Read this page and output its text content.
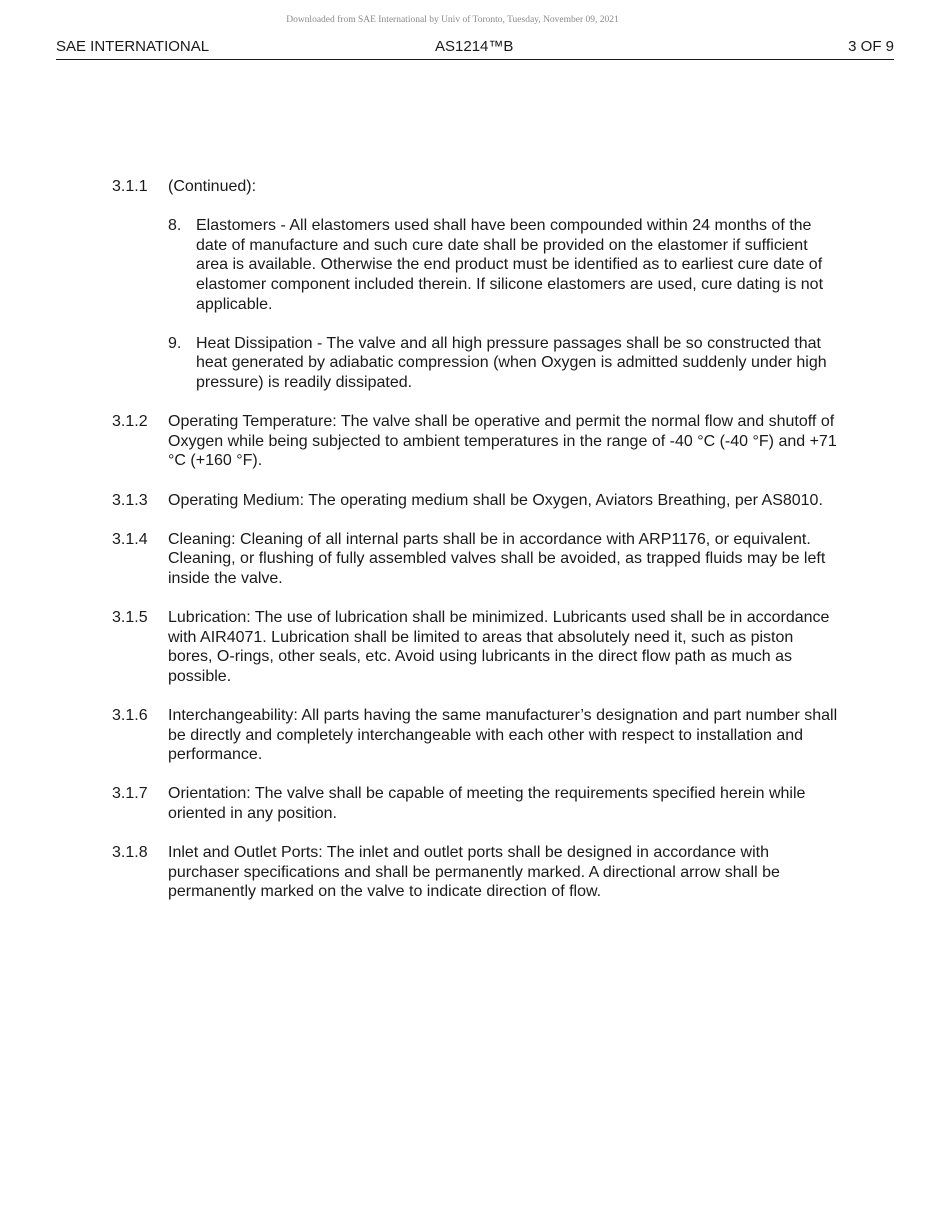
Downloaded from SAE International by Univ of Toronto, Tuesday, November 09, 2021
SAE INTERNATIONAL	AS1214™B	3 OF 9
3.1.1 (Continued):
8. Elastomers - All elastomers used shall have been compounded within 24 months of the date of manufacture and such cure date shall be provided on the elastomer if sufficient area is available. Otherwise the end product must be identified as to earliest cure date of elastomer component included therein. If silicone elastomers are used, cure dating is not applicable.
9. Heat Dissipation - The valve and all high pressure passages shall be so constructed that heat generated by adiabatic compression (when Oxygen is admitted suddenly under high pressure) is readily dissipated.
3.1.2 Operating Temperature: The valve shall be operative and permit the normal flow and shutoff of Oxygen while being subjected to ambient temperatures in the range of -40 °C (-40 °F) and +71 °C (+160 °F).
3.1.3 Operating Medium: The operating medium shall be Oxygen, Aviators Breathing, per AS8010.
3.1.4 Cleaning: Cleaning of all internal parts shall be in accordance with ARP1176, or equivalent. Cleaning, or flushing of fully assembled valves shall be avoided, as trapped fluids may be left inside the valve.
3.1.5 Lubrication: The use of lubrication shall be minimized. Lubricants used shall be in accordance with AIR4071. Lubrication shall be limited to areas that absolutely need it, such as piston bores, O-rings, other seals, etc. Avoid using lubricants in the direct flow path as much as possible.
3.1.6 Interchangeability: All parts having the same manufacturer’s designation and part number shall be directly and completely interchangeable with each other with respect to installation and performance.
3.1.7 Orientation: The valve shall be capable of meeting the requirements specified herein while oriented in any position.
3.1.8 Inlet and Outlet Ports: The inlet and outlet ports shall be designed in accordance with purchaser specifications and shall be permanently marked. A directional arrow shall be permanently marked on the valve to indicate direction of flow.
